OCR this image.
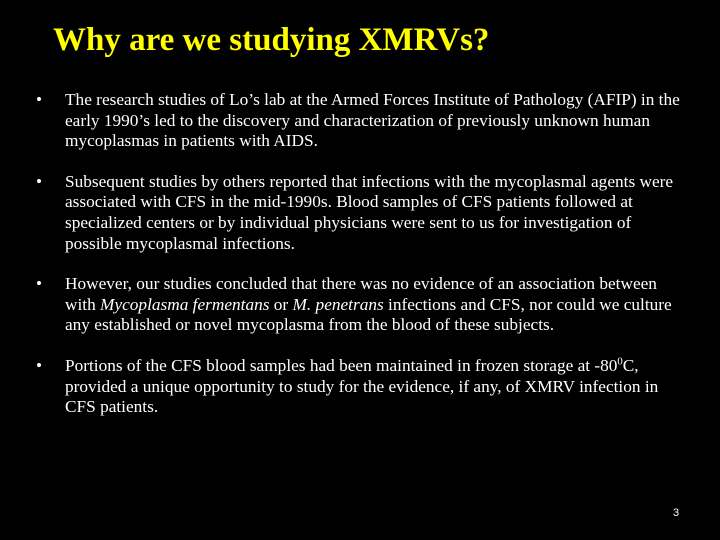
Why are we studying XMRVs?
• The research studies of Lo’s lab at the Armed Forces Institute of Pathology (AFIP) in the early 1990’s led to the discovery and characterization of previously unknown human mycoplasmas in patients with AIDS.
• Subsequent studies by others reported that infections with the mycoplasmal agents were associated with CFS in the mid-1990s. Blood samples of CFS patients followed at specialized centers or by individual physicians were sent to us for investigation of possible mycoplasmal infections.
• However, our studies concluded that there was no evidence of an association between with Mycoplasma fermentans or M. penetrans infections and CFS, nor could we culture any established or novel mycoplasma from the blood of these subjects.
• Portions of the CFS blood samples had been maintained in frozen storage at $-80^0C$, provided a unique opportunity to study for the evidence, if any, of XMRV infection in CFS patients.
3
